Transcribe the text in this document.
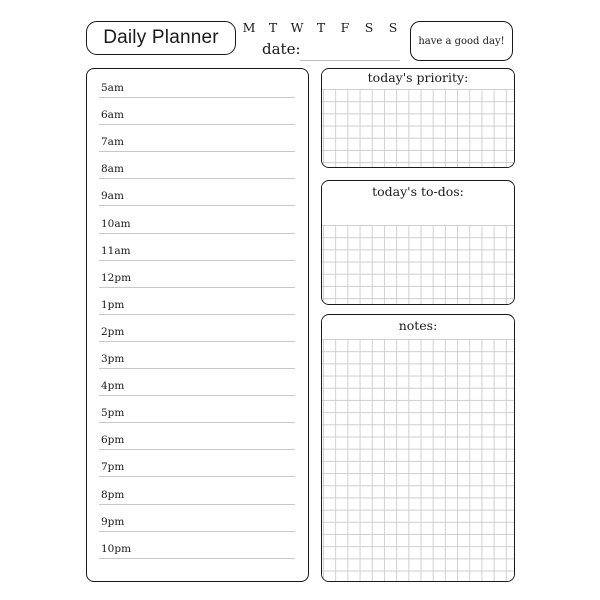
Daily Planner	M	T	W	T	F	S	S
date:	have a good day!
5am
6am
7am
8am
9am
10am
11am
12pm
1pm
2pm
3pm
4pm
5pm
6pm
7pm
8pm
9pm
10pm
today's priority:
today's to-dos:
notes:
